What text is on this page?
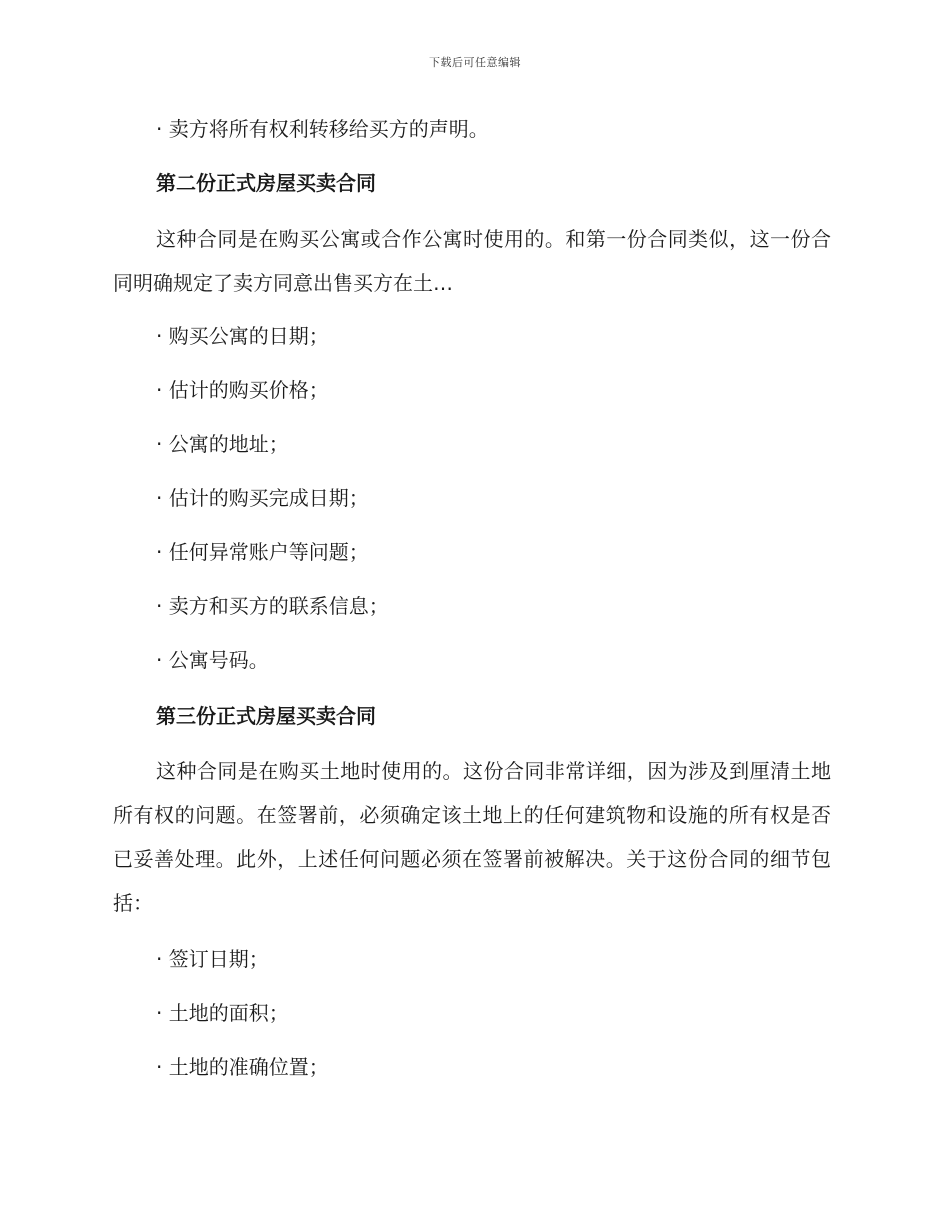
下载后可任意编辑
· 卖方将所有权利转移给买方的声明。
第二份正式房屋买卖合同

这种合同是在购买公寓或合作公寓时使用的。和第一份合同类似，这一份合同明确规定了卖方同意出售买方在土…

· 购买公寓的日期；
· 估计的购买价格；
· 公寓的地址；
· 估计的购买完成日期；
· 任何异常账户等问题；
· 卖方和买方的联系信息；
· 公寓号码。
第三份正式房屋买卖合同

这种合同是在购买土地时使用的。这份合同非常详细，因为涉及到厘清土地所有权的问题。在签署前，必须确定该土地上的任何建筑物和设施的所有权是否已妥善处理。此外，上述任何问题必须在签署前被解决。关于这份合同的细节包括：

· 签订日期；
· 土地的面积；
· 土地的准确位置；
